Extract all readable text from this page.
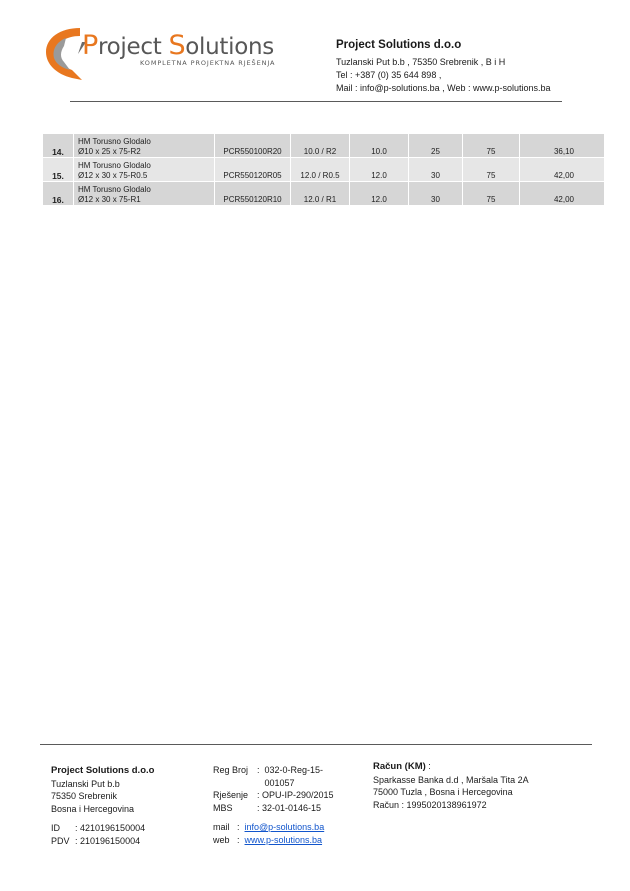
Project Solutions
KOMPLETNA PROJEKTNA RJEŠENJA
Project Solutions d.o.o
Tuzlanski Put b.b , 75350 Srebrenik , B i H
Tel : +387 (0) 35 644 898 ,
Mail : info@p-solutions.ba , Web : www.p-solutions.ba
14.	HM Torusno Glodalo
Ø10 x 25 x 75-R2	PCR550100R20	10.0 / R2	10.0	25	75	36,10
15.	HM Torusno Glodalo
Ø12 x 30 x 75-R0.5	PCR550120R05	12.0 / R0.5	12.0	30	75	42,00
16.	HM Torusno Glodalo
Ø12 x 30 x 75-R1	PCR550120R10	12.0 / R1	12.0	30	75	42,00
Project Solutions d.o.o
Tuzlanski Put b.b
75350 Srebrenik
Bosna i Hercegovina
ID	: 4210196150004
PDV : 210196150004
Reg Broj : 032-0-Reg-15-

001057
Rješenje : OPU-IP-290/2015
MBS	: 32-01-0146-15
mail : info@p-solutions.ba
web : www.p-solutions.ba
Račun (KM) :
Sparkasse Banka d.d , Maršala Tita 2A
75000 Tuzla , Bosna i Hercegovina
Račun : 1995020138961972
